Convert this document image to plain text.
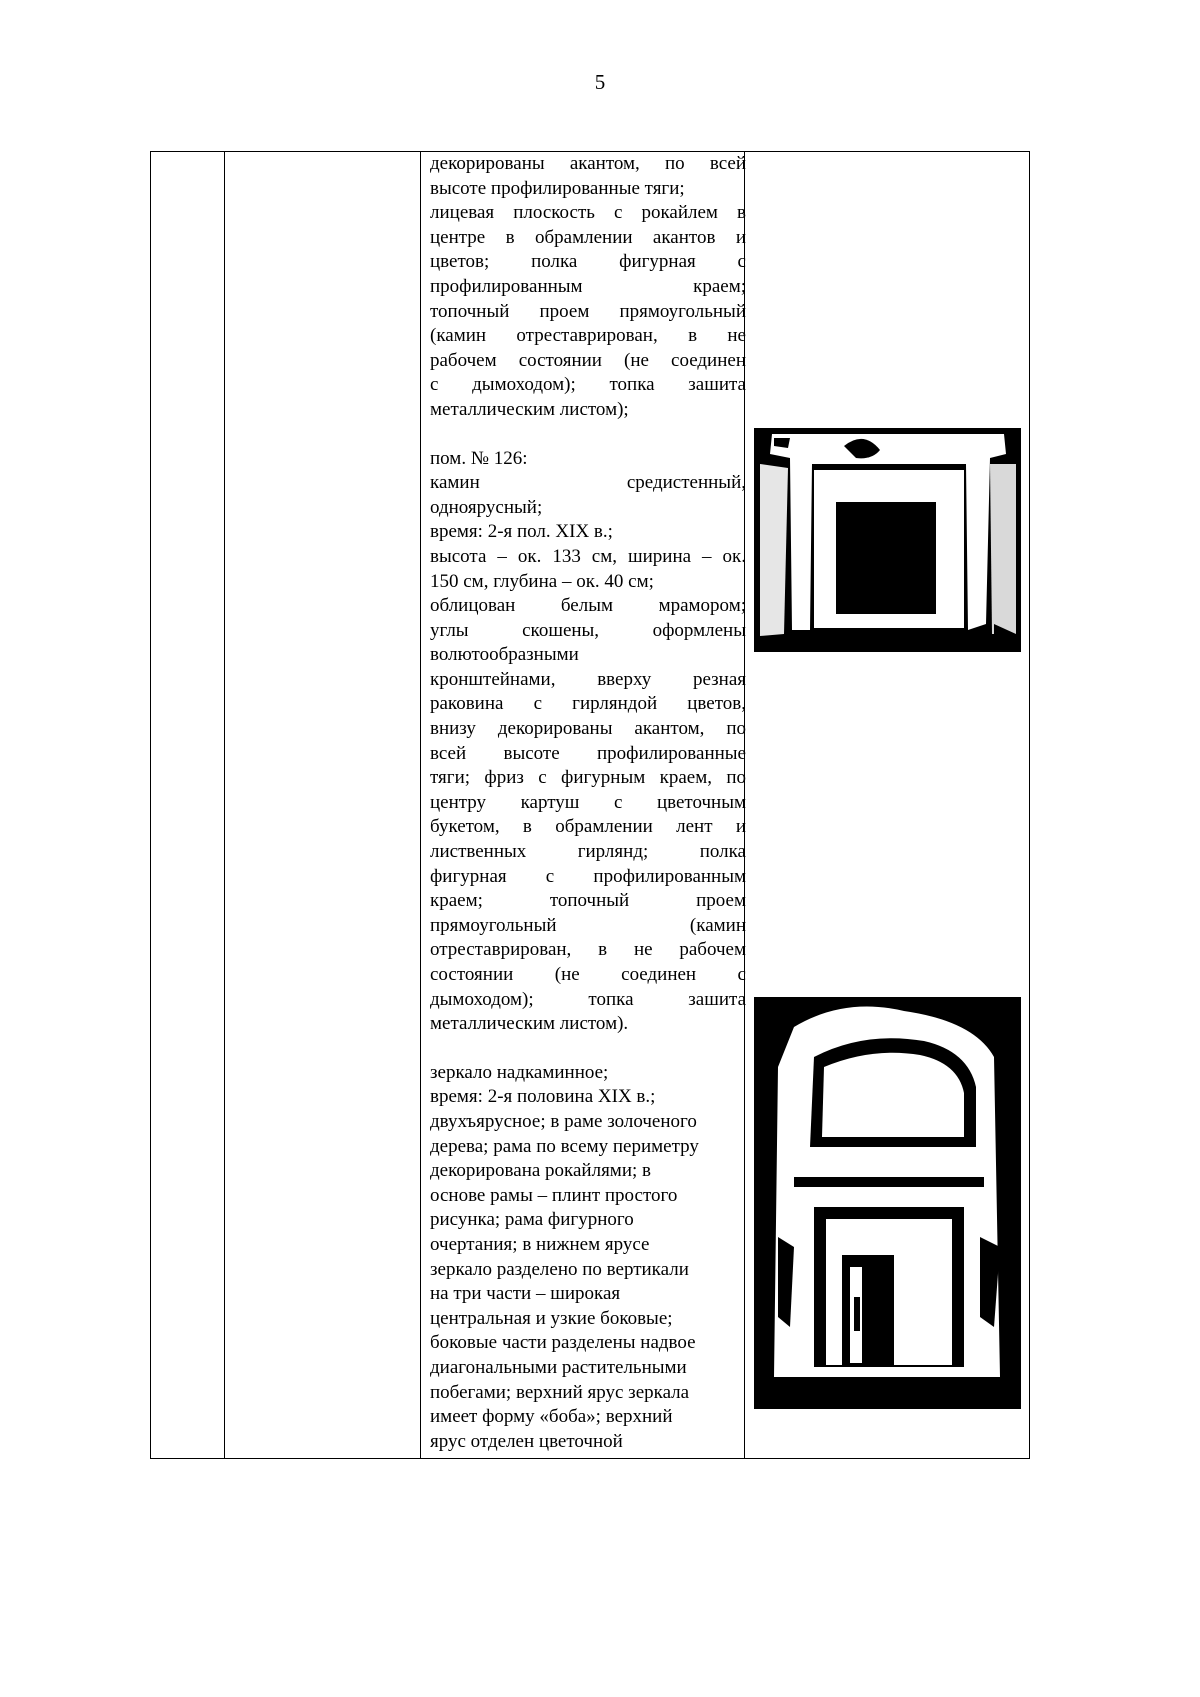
5
декорированы акантом, по всей
высоте профилированные тяги;
лицевая плоскость с рокайлем в
центре в обрамлении акантов и
цветов; полка фигурная с
профилированным краем;
топочный проем прямоугольный
(камин отреставрирован, в не
рабочем состоянии (не соединен
с дымоходом); топка зашита
металлическим листом);
пом. № 126:
камин средистенный,
одноярусный;
время: 2-я пол. XIX в.;
высота – ок. 133 см, ширина – ок.
150 см, глубина – ок. 40 см;
облицован белым мрамором;
углы скошены, оформлены
волютообразными
кронштейнами, вверху резная
раковина с гирляндой цветов,
внизу декорированы акантом, по
всей высоте профилированные
тяги; фриз с фигурным краем, по
центру картуш с цветочным
букетом, в обрамлении лент и
лиственных гирлянд; полка
фигурная с профилированным
краем; топочный проем
прямоугольный (камин
отреставрирован, в не рабочем
состоянии (не соединен с
дымоходом); топка зашита
металлическим листом).
зеркало надкаминное;
время: 2-я половина XIX в.;
двухъярусное; в раме золоченого
дерева; рама по всему периметру
декорирована рокайлями; в
основе рамы – плинт простого
рисунка; рама фигурного
очертания; в нижнем ярусе
зеркало разделено по вертикали
на три части – широкая
центральная и узкие боковые;
боковые части разделены надвое
диагональными растительными
побегами; верхний ярус зеркала
имеет форму «боба»; верхний
ярус отделен цветочной
